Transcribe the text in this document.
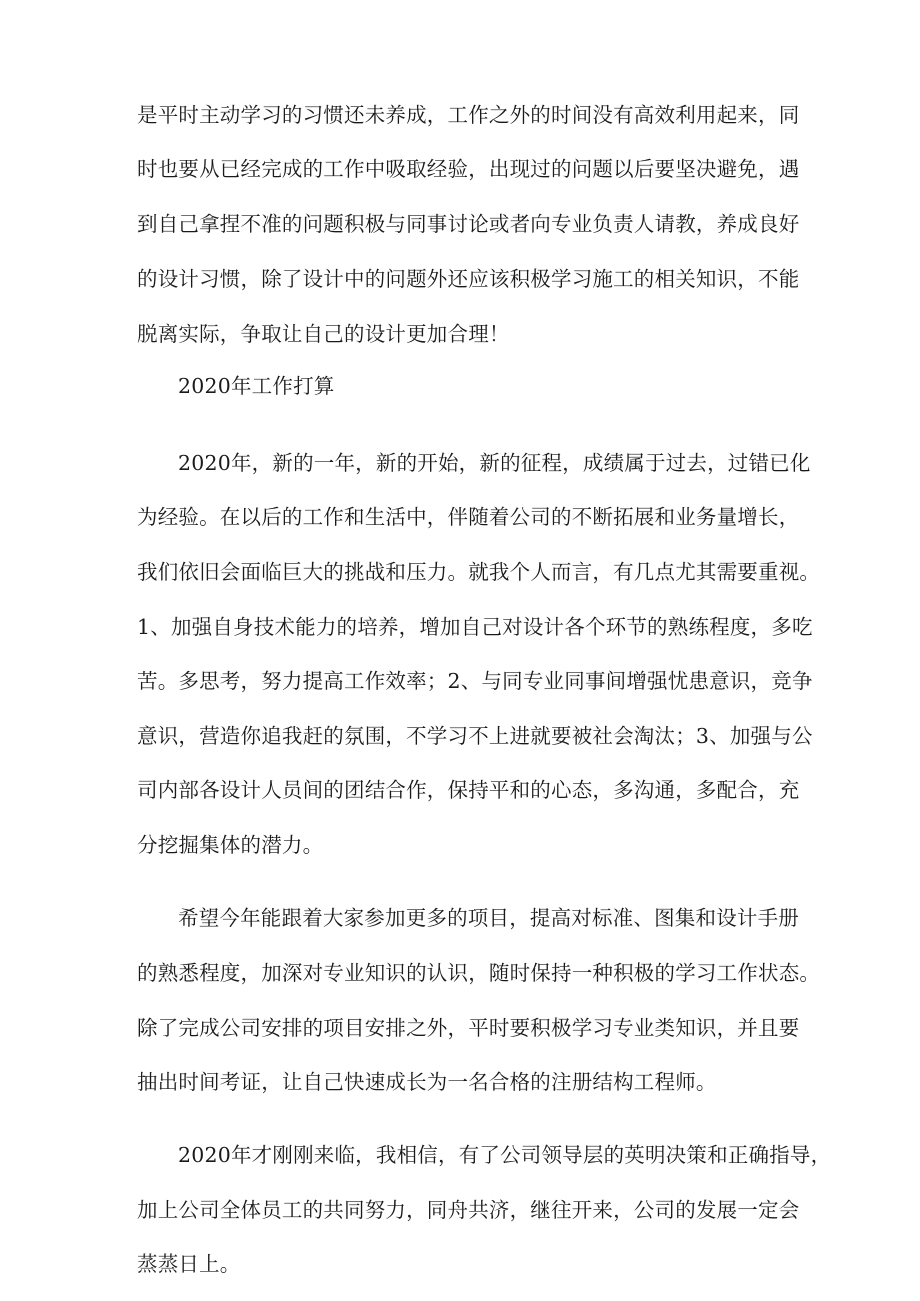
是平时主动学习的习惯还未养成，工作之外的时间没有高效利用起来，同
时也要从已经完成的工作中吸取经验，出现过的问题以后要坚决避免，遇
到自己拿捏不准的问题积极与同事讨论或者向专业负责人请教，养成良好
的设计习惯，除了设计中的问题外还应该积极学习施工的相关知识，不能
脱离实际，争取让自己的设计更加合理！
2020年工作打算
2020年，新的一年，新的开始，新的征程，成绩属于过去，过错已化
为经验。在以后的工作和生活中，伴随着公司的不断拓展和业务量增长，
我们依旧会面临巨大的挑战和压力。就我个人而言，有几点尤其需要重视。
1、加强自身技术能力的培养，增加自己对设计各个环节的熟练程度，多吃
苦。多思考，努力提高工作效率；2、与同专业同事间增强忧患意识，竞争
意识，营造你追我赶的氛围，不学习不上进就要被社会淘汰；3、加强与公
司内部各设计人员间的团结合作，保持平和的心态，多沟通，多配合，充
分挖掘集体的潜力。
希望今年能跟着大家参加更多的项目，提高对标准、图集和设计手册
的熟悉程度，加深对专业知识的认识，随时保持一种积极的学习工作状态。
除了完成公司安排的项目安排之外，平时要积极学习专业类知识，并且要
抽出时间考证，让自己快速成长为一名合格的注册结构工程师。
2020年才刚刚来临，我相信，有了公司领导层的英明决策和正确指导，
加上公司全体员工的共同努力，同舟共济，继往开来，公司的发展一定会
蒸蒸日上。
